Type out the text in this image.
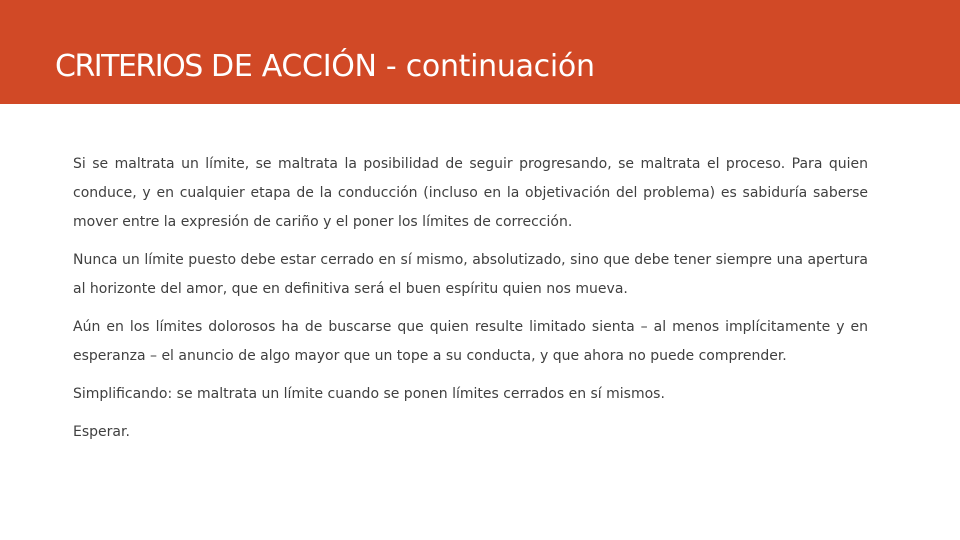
CRITERIOS DE ACCIÓN - continuación

Si se maltrata un límite, se maltrata la posibilidad de seguir progresando, se maltrata el proceso. Para quien conduce, y en cualquier etapa de la conducción (incluso en la objetivación del problema) es sabiduría saberse mover entre la expresión de cariño y el poner los límites de corrección.

Nunca un límite puesto debe estar cerrado en sí mismo, absolutizado, sino que debe tener siempre una apertura al horizonte del amor, que en definitiva será el buen espíritu quien nos mueva.

Aún en los límites dolorosos ha de buscarse que quien resulte limitado sienta – al menos implícitamente y en esperanza – el anuncio de algo mayor que un tope a su conducta, y que ahora no puede comprender.

Simplificando: se maltrata un límite cuando se ponen límites cerrados en sí mismos.

Esperar.
